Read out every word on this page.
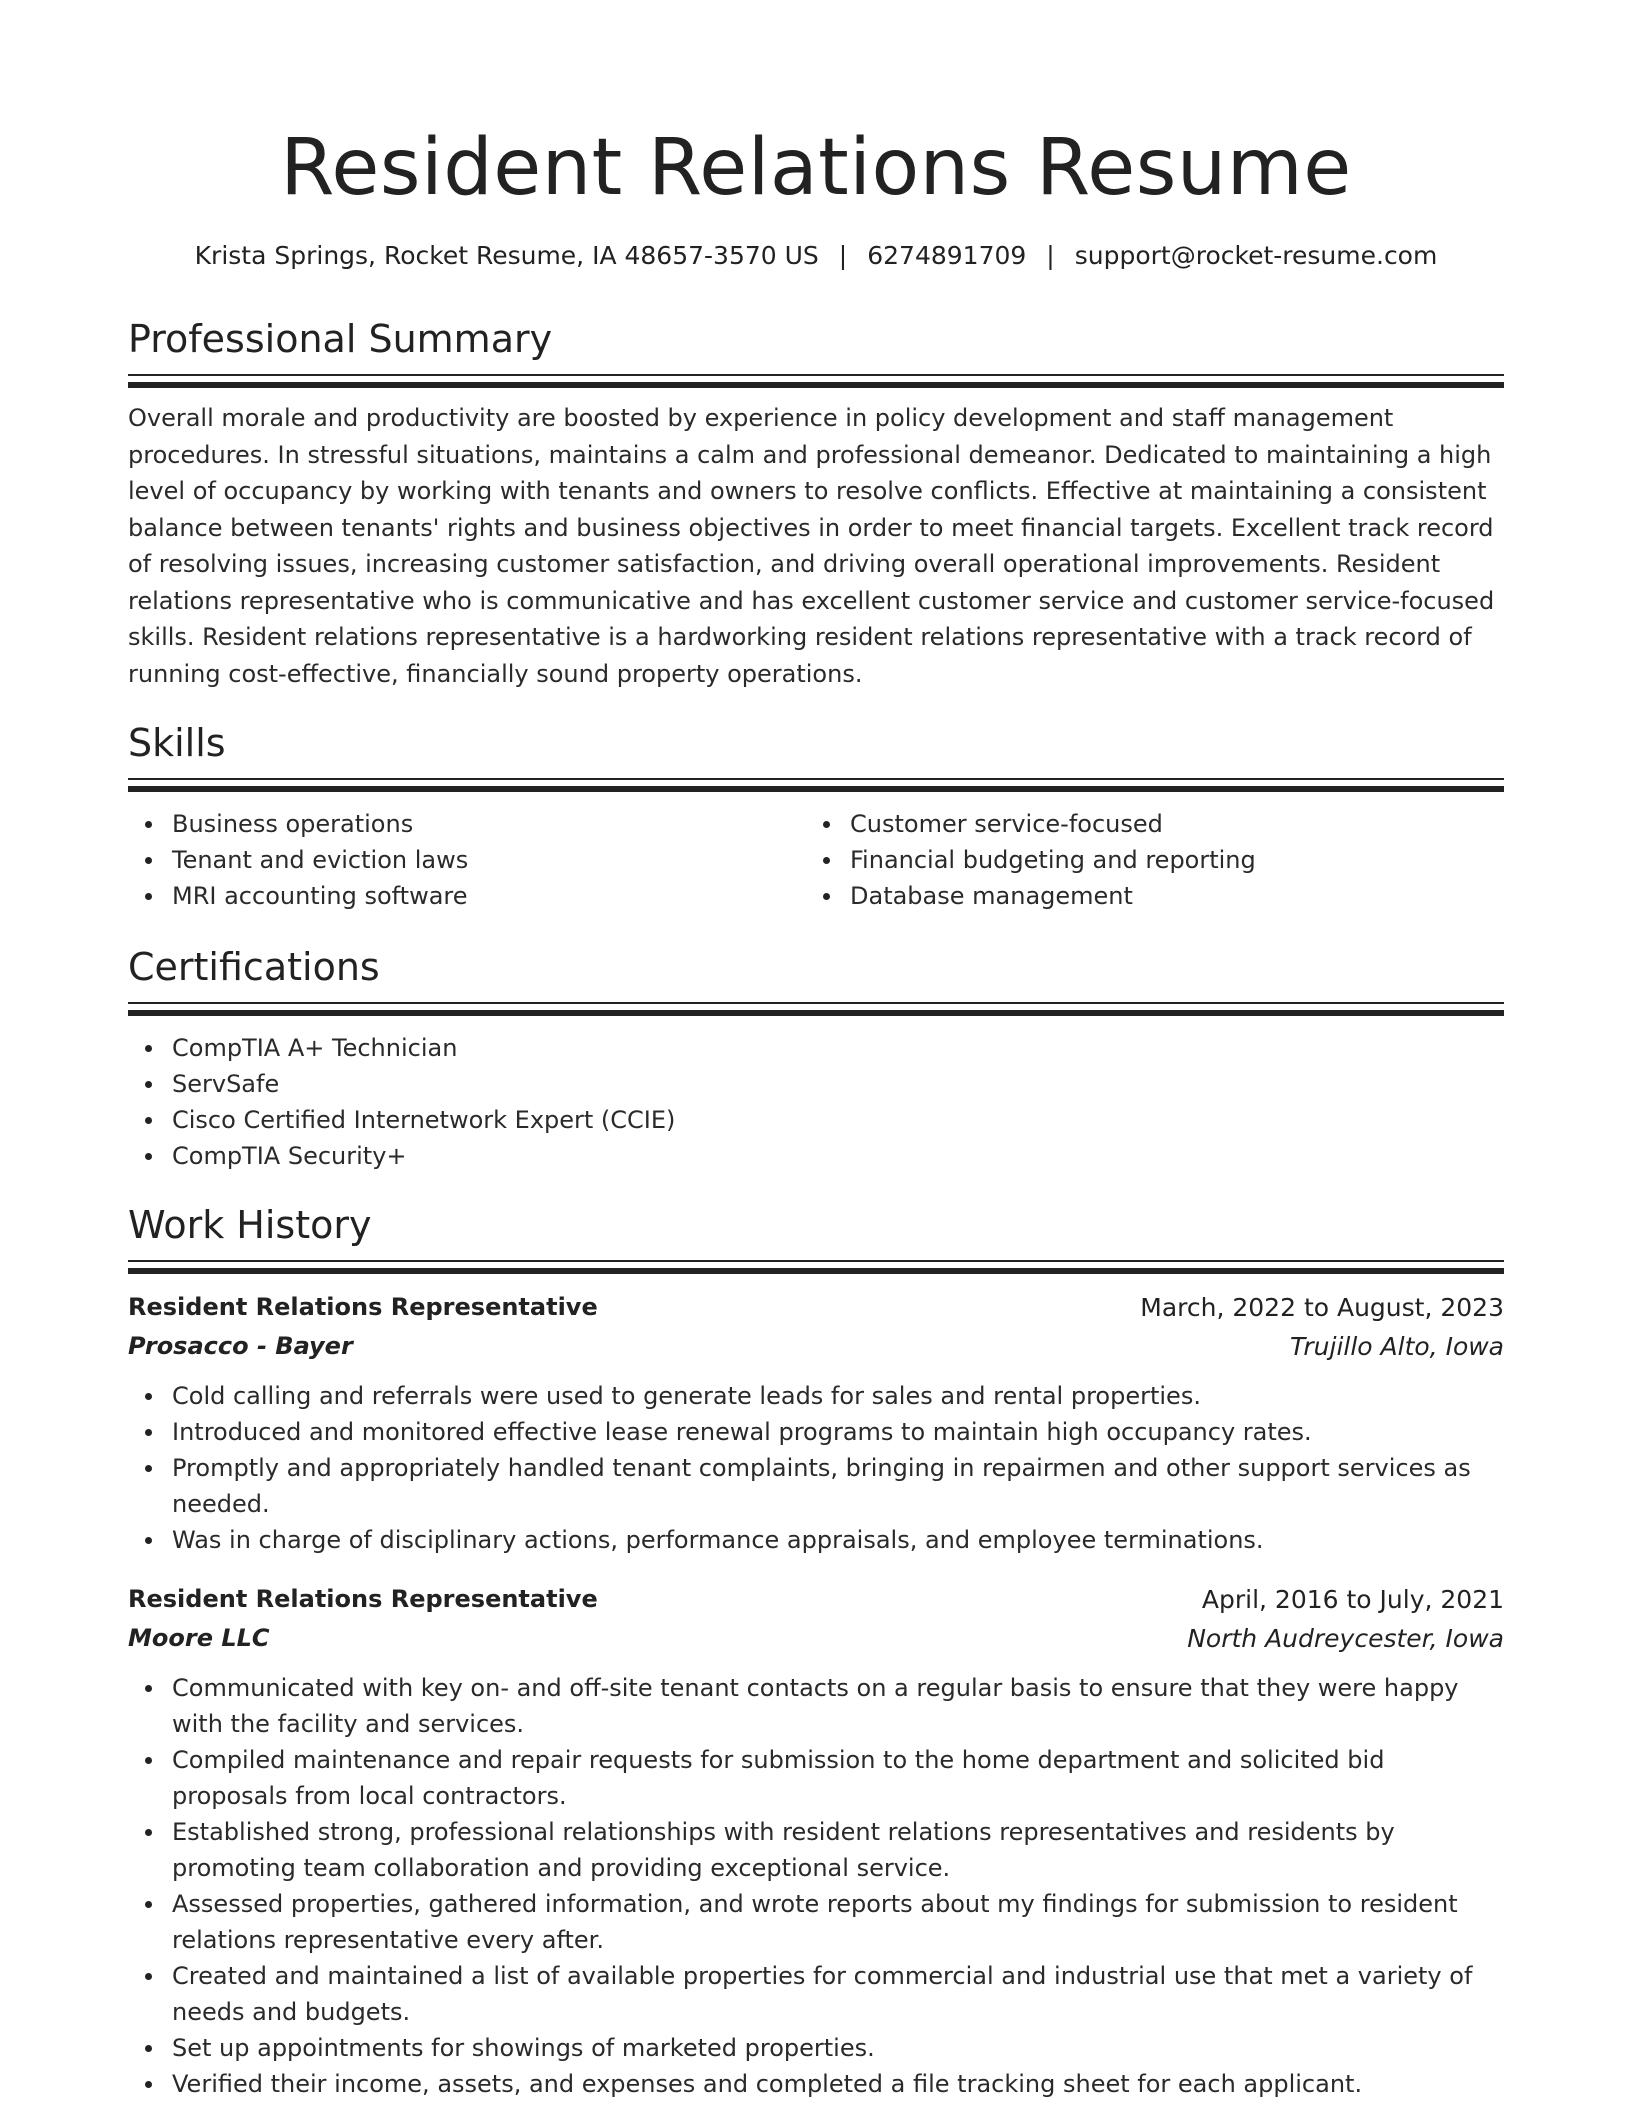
Resident Relations Resume
Krista Springs, Rocket Resume, IA 48657-3570 US | 6274891709 | support@rocket-resume.com
Professional Summary
Overall morale and productivity are boosted by experience in policy development and staff management procedures. In stressful situations, maintains a calm and professional demeanor. Dedicated to maintaining a high level of occupancy by working with tenants and owners to resolve conflicts. Effective at maintaining a consistent balance between tenants' rights and business objectives in order to meet financial targets. Excellent track record of resolving issues, increasing customer satisfaction, and driving overall operational improvements. Resident relations representative who is communicative and has excellent customer service and customer service-focused skills. Resident relations representative is a hardworking resident relations representative with a track record of running cost-effective, financially sound property operations.
Skills
Business operations
Tenant and eviction laws
MRI accounting software
Customer service-focused
Financial budgeting and reporting
Database management
Certifications
CompTIA A+ Technician
ServSafe
Cisco Certified Internetwork Expert (CCIE)
CompTIA Security+
Work History
Resident Relations Representative	March, 2022 to August, 2023
Prosacco - Bayer	Trujillo Alto, Iowa
Cold calling and referrals were used to generate leads for sales and rental properties.
Introduced and monitored effective lease renewal programs to maintain high occupancy rates.
Promptly and appropriately handled tenant complaints, bringing in repairmen and other support services as needed.
Was in charge of disciplinary actions, performance appraisals, and employee terminations.
Resident Relations Representative	April, 2016 to July, 2021
Moore LLC	North Audreycester, Iowa
Communicated with key on- and off-site tenant contacts on a regular basis to ensure that they were happy with the facility and services.
Compiled maintenance and repair requests for submission to the home department and solicited bid proposals from local contractors.
Established strong, professional relationships with resident relations representatives and residents by promoting team collaboration and providing exceptional service.
Assessed properties, gathered information, and wrote reports about my findings for submission to resident relations representative every after.
Created and maintained a list of available properties for commercial and industrial use that met a variety of needs and budgets.
Set up appointments for showings of marketed properties.
Verified their income, assets, and expenses and completed a file tracking sheet for each applicant.
